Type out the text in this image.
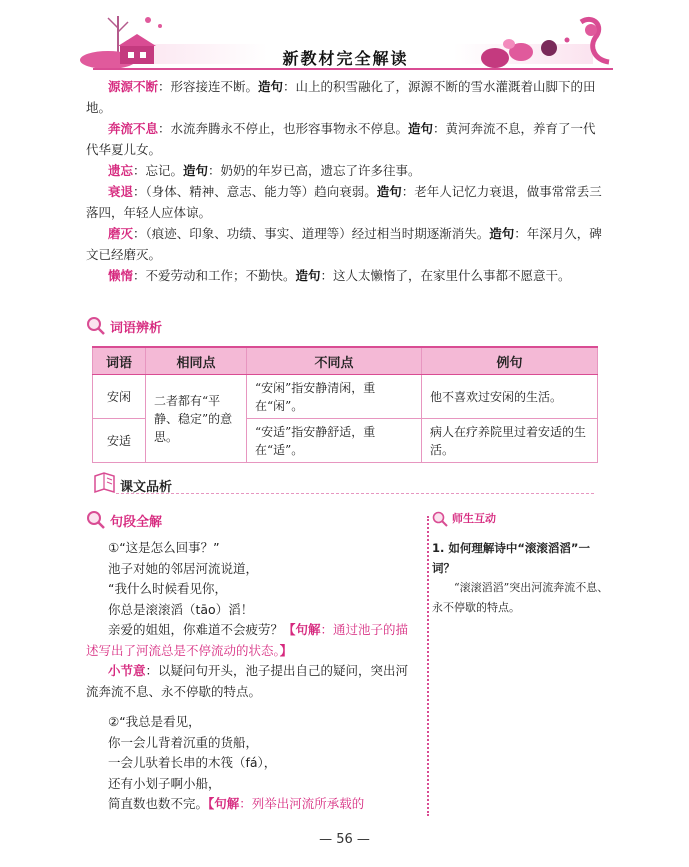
新教材完全解读

源源不断：形容接连不断。造句：山上的积雪融化了，源源不断的雪水灌溉着山脚下的田地。

奔流不息：水流奔腾永不停止，也形容事物永不停息。造句：黄河奔流不息，养育了一代代华夏儿女。

遗忘：忘记。造句：奶奶的年岁已高，遗忘了许多往事。

衰退：（身体、精神、意志、能力等）趋向衰弱。造句：老年人记忆力衰退，做事常常丢三落四，年轻人应体谅。

磨灭：（痕迹、印象、功绩、事实、道理等）经过相当时期逐渐消失。造句：年深月久，碑文已经磨灭。

懒惰：不爱劳动和工作；不勤快。造句：这人太懒惰了，在家里什么事都不愿意干。

词语辨析
词语	相同点	不同点	例句
安闲	二者都有“平静、稳定”的意思。	“安闲”指安静清闲，重在“闲”。	他不喜欢过安闲的生活。
安适		“安适”指安静舒适，重在“适”。	病人在疗养院里过着安适的生活。
课文品析
句段全解

①“这是怎么回事？”

池子对她的邻居河流说道，

“我什么时候看见你，

你总是滚滚滔（tāo）滔！

亲爱的姐姐，你难道不会疲劳？【句解：通过池子的描述写出了河流总是不停流动的状态。】

小节意：以疑问句开头，池子提出自己的疑问，突出河流奔流不息、永不停歇的特点。

②“我总是看见，

你一会儿背着沉重的货船，

一会儿驮着长串的木筏（fá），

还有小划子啊小船，

简直数也数不完。【句解：列举出河流所承载的

师生互动

1. 如何理解诗中“滚滚滔滔”一词？

“滚滚滔滔”突出河流奔流不息、永不停歇的特点。

— 56 —
